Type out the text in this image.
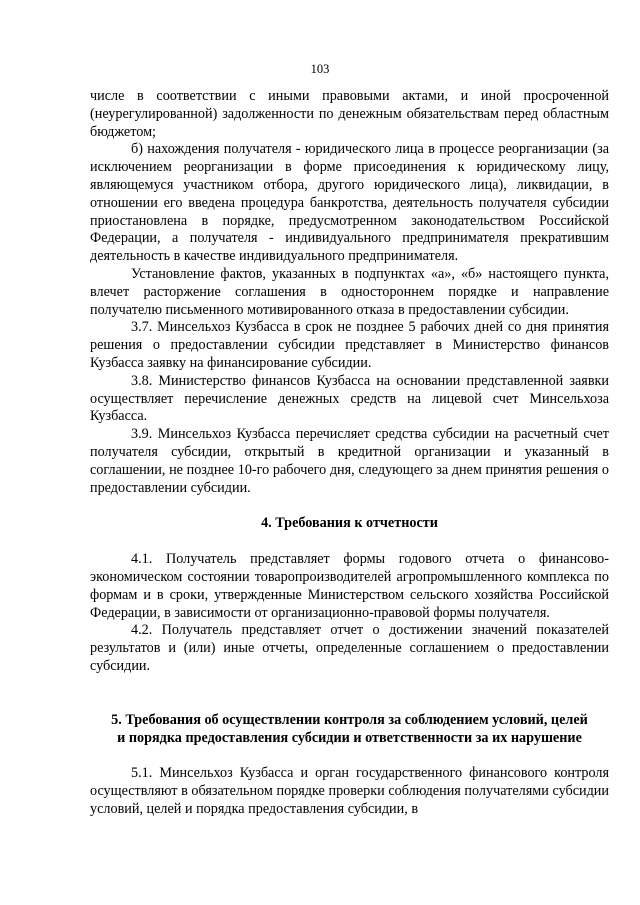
103

числе в соответствии с иными правовыми актами, и иной просроченной (неурегулированной) задолженности по денежным обязательствам перед областным бюджетом;

б) нахождения получателя - юридического лица в процессе реорганизации (за исключением реорганизации в форме присоединения к юридическому лицу, являющемуся участником отбора, другого юридического лица), ликвидации, в отношении его введена процедура банкротства, деятельность получателя субсидии приостановлена в порядке, предусмотренном законодательством Российской Федерации, а получателя - индивидуального предпринимателя прекратившим деятельность в качестве индивидуального предпринимателя.

Установление фактов, указанных в подпунктах «а», «б» настоящего пункта, влечет расторжение соглашения в одностороннем порядке и направление получателю письменного мотивированного отказа в предоставлении субсидии.

3.7. Минсельхоз Кузбасса в срок не позднее 5 рабочих дней со дня принятия решения о предоставлении субсидии представляет в Министерство финансов Кузбасса заявку на финансирование субсидии.

3.8. Министерство финансов Кузбасса на основании представленной заявки осуществляет перечисление денежных средств на лицевой счет Минсельхоза Кузбасса.

3.9. Минсельхоз Кузбасса перечисляет средства субсидии на расчетный счет получателя субсидии, открытый в кредитной организации и указанный в соглашении, не позднее 10-го рабочего дня, следующего за днем принятия решения о предоставлении субсидии.

4. Требования к отчетности

4.1. Получатель представляет формы годового отчета о финансово-экономическом состоянии товаропроизводителей агропромышленного комплекса по формам и в сроки, утвержденные Министерством сельского хозяйства Российской Федерации, в зависимости от организационно-правовой формы получателя.

4.2. Получатель представляет отчет о достижении значений показателей результатов и (или) иные отчеты, определенные соглашением о предоставлении субсидии.

5. Требования об осуществлении контроля за соблюдением условий, целей
и порядка предоставления субсидии и ответственности за их нарушение

5.1. Минсельхоз Кузбасса и орган государственного финансового контроля осуществляют в обязательном порядке проверки соблюдения получателями субсидии условий, целей и порядка предоставления субсидии, в
